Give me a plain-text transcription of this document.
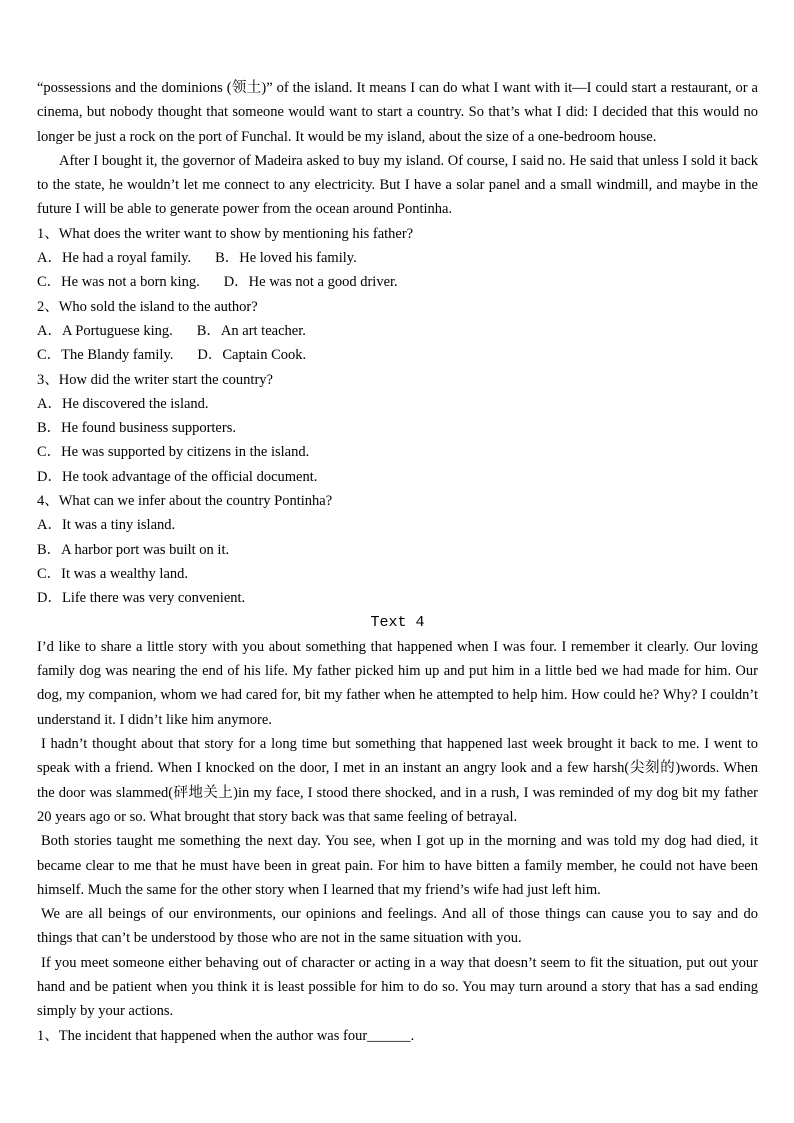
“possessions and the dominions (领土)” of the island. It means I can do what I want with it—I could start a restaurant, or a cinema, but nobody thought that someone would want to start a country. So that’s what I did: I decided that this would no longer be just a rock on the port of Funchal. It would be my island, about the size of a one-bedroom house.

After I bought it, the governor of Madeira asked to buy my island. Of course, I said no. He said that unless I sold it back to the state, he wouldn’t let me connect to any electricity. But I have a solar panel and a small windmill, and maybe in the future I will be able to generate power from the ocean around Pontinha.

1、What does the writer want to show by mentioning his father?

A．He had a royal family. B．He loved his family.

C．He was not a born king. D．He was not a good driver.

2、Who sold the island to the author?

A．A Portuguese king. B．An art teacher.

C．The Blandy family. D．Captain Cook.

3、How did the writer start the country?

A．He discovered the island.

B．He found business supporters.

C．He was supported by citizens in the island.

D．He took advantage of the official document.

4、What can we infer about the country Pontinha?

A．It was a tiny island.

B．A harbor port was built on it.

C．It was a wealthy land.

D．Life there was very convenient.

Text 4

I’d like to share a little story with you about something that happened when I was four. I remember it clearly. Our loving family dog was nearing the end of his life. My father picked him up and put him in a little bed we had made for him. Our dog, my companion, whom we had cared for, bit my father when he attempted to help him. How could he? Why? I couldn’t understand it. I didn’t like him anymore.

I hadn’t thought about that story for a long time but something that happened last week brought it back to me. I went to speak with a friend. When I knocked on the door, I met in an instant an angry look and a few harsh(尖刻的)words. When the door was slammed(砰地关上)in my face, I stood there shocked, and in a rush, I was reminded of my dog bit my father 20 years ago or so. What brought that story back was that same feeling of betrayal.

Both stories taught me something the next day. You see, when I got up in the morning and was told my dog had died, it became clear to me that he must have been in great pain. For him to have bitten a family member, he could not have been himself. Much the same for the other story when I learned that my friend’s wife had just left him.

We are all beings of our environments, our opinions and feelings. And all of those things can cause you to say and do things that can’t be understood by those who are not in the same situation with you.

If you meet someone either behaving out of character or acting in a way that doesn’t seem to fit the situation, put out your hand and be patient when you think it is least possible for him to do so. You may turn around a story that has a sad ending simply by your actions.

1、The incident that happened when the author was four______.
